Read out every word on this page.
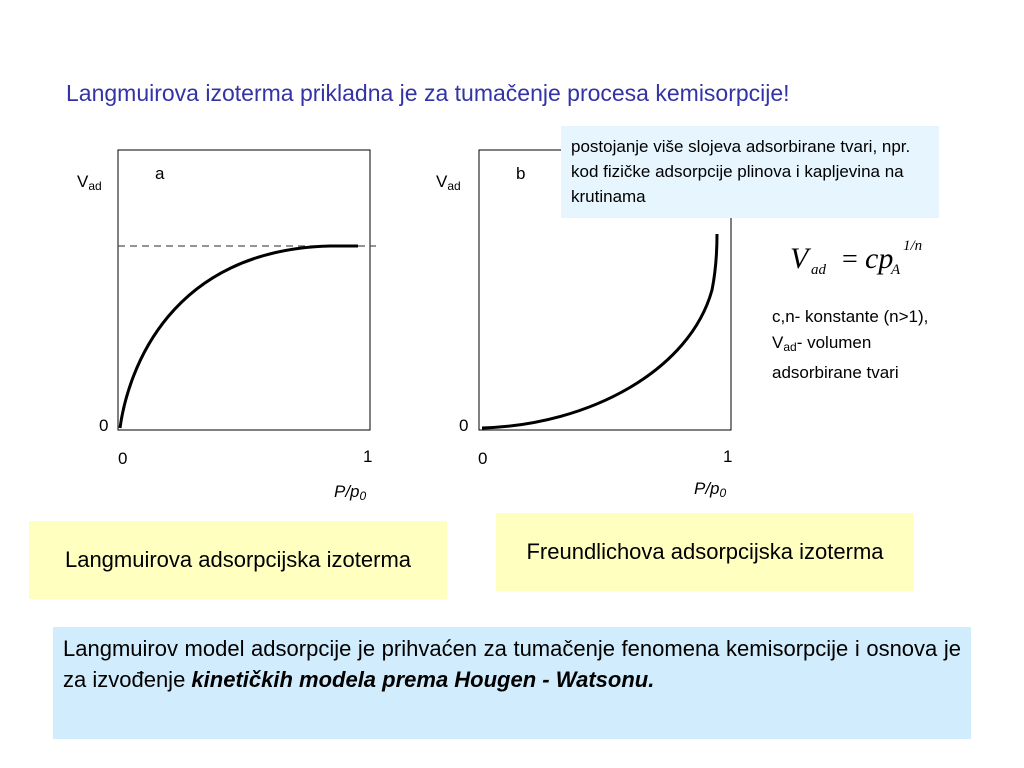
Langmuirova izoterma prikladna je za tumačenje procesa kemisorpcije!
$V_{ad}$
a
0
0	1
$P/p_0$
$V_{ad}$
b
0
0	1
$P/p_0$
postojanje više slojeva adsorbirane tvari, npr. kod fizičke adsorpcije plinova i kapljevina na krutinama
V ad = cp
A
1/n
c,n- konstante (n>1),
$V_{ad}-$ volumen
adsorbirane tvari
Langmuirova adsorpcijska izoterma	Freundlichova adsorpcijska izoterma
Langmuirov model adsorpcije je prihvaćen za tumačenje fenomena kemisorpcije i osnova je za izvođenje kinetičkih modela prema Hougen - Watsonu.
